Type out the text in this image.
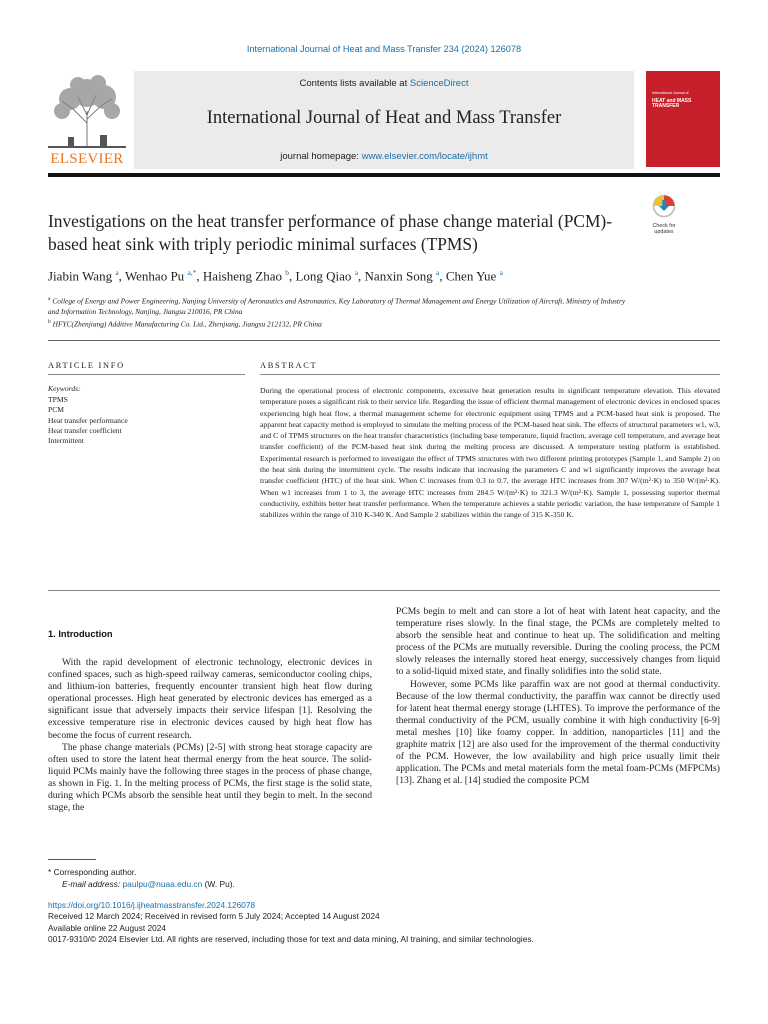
International Journal of Heat and Mass Transfer 234 (2024) 126078
ELSEVIER
Contents lists available at ScienceDirect
International Journal of Heat and Mass Transfer
journal homepage: www.elsevier.com/locate/ijhmt
International Journal of
HEAT and MASS TRANSFER
Investigations on the heat transfer performance of phase change material (PCM)-based heat sink with triply periodic minimal surfaces (TPMS)
Check for
updates
Jiabin Wang $^a$, Wenhao Pu $^{a,*}$, Haisheng Zhao $^b$, Long Qiao $^a$, Nanxin Song $^a$, Chen Yue $^a$
$^a$ College of Energy and Power Engineering, Nanjing University of Aeronautics and Astronautics, Key Laboratory of Thermal Management and Energy Utilization of Aircraft, Ministry of Industry and Information Technology, Nanjing, Jiangsu 210016, PR China
$^b$ HFYC(Zhenjiang) Additive Manufacturing Co. Ltd., Zhenjiang, Jiangsu 212132, PR China
ARTICLE INFO
Keywords:
TPMS
PCM
Heat transfer performance
Heat transfer coefficient
Intermittent
ABSTRACT

During the operational process of electronic components, excessive heat generation results in significant temperature elevation. This elevated temperature poses a significant risk to their service life. Regarding the issue of efficient thermal management of electronic devices in enclosed spaces experiencing high heat flow, a thermal management scheme for electronic equipment using TPMS and a PCM-based heat sink is proposed. The apparent heat capacity method is employed to simulate the melting process of the PCM-based heat sink. The effects of structural parameters w1, w3, and C of TPMS structures on the heat transfer characteristics (including base temperature, liquid fraction, average cell temperature, and average heat transfer coefficient) of the PCM-based heat sink during the melting process are discussed. A temperature testing platform is established. Experimental research is performed to investigate the effect of TPMS structures with two different printing prototypes (Sample 1, and Sample 2) on the heat sink during the intermittent cycle. The results indicate that increasing the parameters C and w1 significantly improves the average heat transfer coefficient (HTC) of the heat sink. When C increases from 0.3 to 0.7, the average HTC increases from 307 W/(m²·K) to 350 W/(m²·K). When w1 increases from 1 to 3, the average HTC increases from 284.5 W/(m²·K) to 321.3 W/(m²·K). Sample 1, possessing superior thermal conductivity, exhibits better heat transfer performance. When the temperature achieves a stable periodic variation, the base temperature of Sample 1 stabilizes within the range of 310 K-340 K. And Sample 2 stabilizes within the range of 315 K-350 K.

1. Introduction

With the rapid development of electronic technology, electronic devices in confined spaces, such as high-speed railway cameras, semiconductor cooling chips, and lithium-ion batteries, frequently encounter transient high heat flow during operational processes. High heat generated by electronic devices has emerged as a significant issue that adversely impacts their service lifespan [1]. Resolving the excessive temperature rise in electronic devices caused by high heat flow has become the focus of current research.

The phase change materials (PCMs) [2-5] with strong heat storage capacity are often used to store the latent heat thermal energy from the heat source. The solid-liquid PCMs mainly have the following three stages in the process of phase change, as shown in Fig. 1. In the melting process of PCMs, the first stage is the solid state, during which PCMs absorb the sensible heat until they begin to melt. In the second stage, the

PCMs begin to melt and can store a lot of heat with latent heat capacity, and the temperature rises slowly. In the final stage, the PCMs are completely melted to absorb the sensible heat and continue to heat up. The solidification and melting process of the PCMs are mutually reversible. During the cooling process, the PCM slowly releases the internally stored heat energy, successively changes from liquid to a solid-liquid mixed state, and finally solidifies into the solid state.

However, some PCMs like paraffin wax are not good at thermal conductivity. Because of the low thermal conductivity, the paraffin wax cannot be directly used for latent heat thermal energy storage (LHTES). To improve the performance of the thermal conductivity of the PCM, usually combine it with high conductivity [6-9] metal meshes [10] like foamy copper. In addition, nanoparticles [11] and the graphite matrix [12] are also used for the improvement of the thermal conductivity of the PCM. However, the low availability and high price usually limit their application. The PCMs and metal materials form the metal foam-PCMs (MFPCMs) [13]. Zhang et al. [14] studied the composite PCM

* Corresponding author.
E-mail address: paulpu@nuaa.edu.cn (W. Pu).
https://doi.org/10.1016/j.ijheatmasstransfer.2024.126078
Received 12 March 2024; Received in revised form 5 July 2024; Accepted 14 August 2024
Available online 22 August 2024
0017-9310/© 2024 Elsevier Ltd. All rights are reserved, including those for text and data mining, AI training, and similar technologies.
